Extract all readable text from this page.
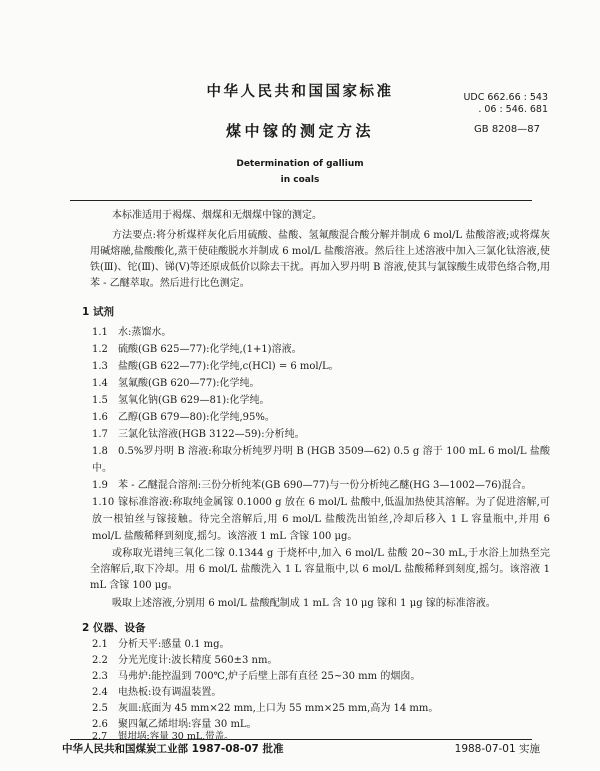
中华人民共和国国家标准	UDC 662.66 : 543
. 06 : 546. 681
煤中镓的测定方法	GB 8208—87
Determination of gallium
in coals
本标准适用于褐煤、烟煤和无烟煤中镓的测定。
方法要点:将分析煤样灰化后用硫酸、盐酸、氢氟酸混合酸分解并制成 6 mol/L 盐酸溶液;或将煤灰用碱熔融,盐酸酸化,蒸干使硅酸脱水并制成 6 mol/L 盐酸溶液。然后往上述溶液中加入三氯化钛溶液,使铁(Ⅲ)、铊(Ⅲ)、锑(Ⅴ)等还原成低价以除去干扰。再加入罗丹明 B 溶液,使其与氯镓酸生成带色络合物,用苯 - 乙醚萃取。然后进行比色测定。
1 试剂
1.1 水:蒸馏水。
1.2 硫酸(GB 625—77):化学纯,(1+1)溶液。
1.3 盐酸(GB 622—77):化学纯,c(HCl) = 6 mol/L。
1.4 氢氟酸(GB 620—77):化学纯。
1.5 氢氧化钠(GB 629—81):化学纯。
1.6 乙醇(GB 679—80):化学纯,95%。
1.7 三氯化钛溶液(HGB 3122—59):分析纯。
1.8 0.5%罗丹明 B 溶液:称取分析纯罗丹明 B (HGB 3509—62) 0.5 g 溶于 100 mL 6 mol/L 盐酸中。
1.9 苯 - 乙醚混合溶剂:三份分析纯苯(GB 690—77)与一份分析纯乙醚(HG 3—1002—76)混合。
1.10 镓标准溶液:称取纯金属镓 0.1000 g 放在 6 mol/L 盐酸中,低温加热使其溶解。为了促进溶解,可放一根铂丝与镓接触。待完全溶解后,用 6 mol/L 盐酸洗出铂丝,冷却后移入 1 L 容量瓶中,并用 6 mol/L 盐酸稀释到刻度,摇匀。该溶液 1 mL 含镓 100 μg。
或称取光谱纯三氧化二镓 0.1344 g 于烧杯中,加入 6 mol/L 盐酸 20~30 mL,于水浴上加热至完全溶解后,取下冷却。用 6 mol/L 盐酸洗入 1 L 容量瓶中,以 6 mol/L 盐酸稀释到刻度,摇匀。该溶液 1 mL 含镓 100 μg。
吸取上述溶液,分别用 6 mol/L 盐酸配制成 1 mL 含 10 μg 镓和 1 μg 镓的标准溶液。
2 仪器、设备
2.1 分析天平:感量 0.1 mg。
2.2 分光光度计:波长精度 560±3 nm。
2.3 马弗炉:能控温到 700℃,炉子后壁上部有直径 25~30 mm 的烟囱。
2.4 电热板:设有调温装置。
2.5 灰皿:底面为 45 mm×22 mm,上口为 55 mm×25 mm,高为 14 mm。
2.6 聚四氟乙烯坩埚:容量 30 mL。
2.7 银坩埚:容量 30 mL,带盖。
中华人民共和国煤炭工业部 1987-08-07 批准	1988-07-01 实施
